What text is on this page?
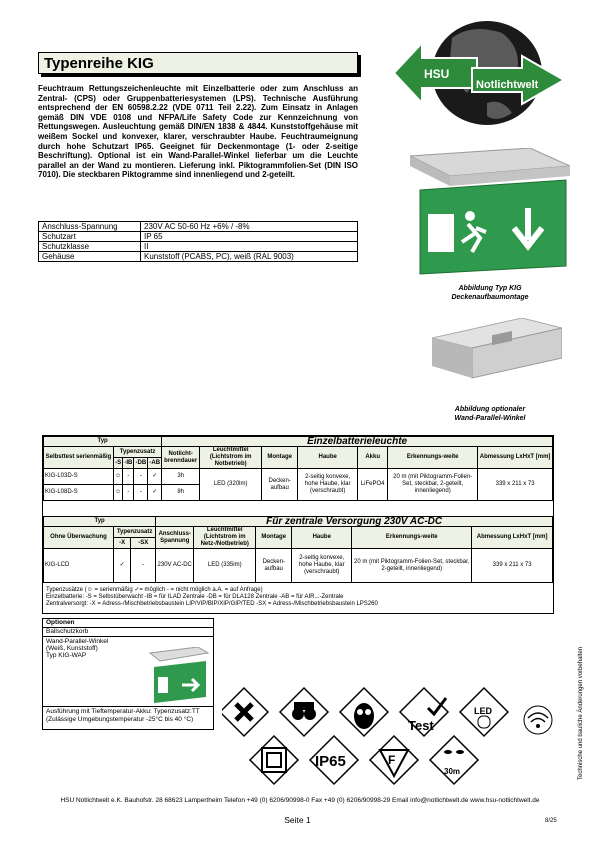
Typenreihe KIG
HSU
Notlichtwelt
Feuchtraum Rettungszeichenleuchte mit Einzelbatterie oder zum Anschluss an Zentral- (CPS) oder Gruppenbatteriesystemen (LPS). Technische Ausführung entsprechend der EN 60598.2.22 (VDE 0711 Teil 2.22). Zum Einsatz in Anlagen gemäß DIN VDE 0108 und NFPA/Life Safety Code zur Kennzeichnung von Rettungswegen. Ausleuchtung gemäß DIN/EN 1838 & 4844. Kunststoffgehäuse mit weißem Sockel und konvexer, klarer, verschraubter Haube. Feuchtraumeignung durch hohe Schutzart IP65. Geeignet für Deckenmontage (1- oder 2-seitige Beschriftung). Optional ist ein Wand-Parallel-Winkel lieferbar um die Leuchte parallel an der Wand zu montieren. Lieferung inkl. Piktogrammfolien-Set (DIN ISO 7010). Die steckbaren Piktogramme sind innenliegend und 2-geteilt.
Anschluss-Spannung	230V AC 50-60 Hz +6% / -8%
Schutzart	IP 65
Schutzklasse	II
Gehäuse	Kunststoff (PCABS, PC), weiß (RAL 9003)
Abbildung Typ KIG
Deckenaufbaumontage
Abbildung optionaler
Wand-Parallel-Winkel
Typ					Einzelbatterieleuchte						
Selbsttest serienmäßig	Typenzusatz				Notlicht-brenndauer	Leuchtmittel (Lichtstrom im Notbetrieb)	Montage	Haube	Akku	Erkennungs-weite	Abmessung LxHxT [mm]
	-S	-IB	-DB	-AB							
KIG-L03D-S	☺	-	-	✓	3h	LED (320lm)	Decken-aufbau	2-seitig konvexe, hohe Haube, klar (verschraubt)	LiFePO4	20 m (mit Piktogramm-Folien-Set, steckbar, 2-geteilt, innenliegend)	339 x 211 x 73
KIG-L08D-S	☺	-	-	✓	8h						
Typ			Für zentrale Versorgung 230V AC-DC					
Ohne Überwachung	Typenzusatz		Anschluss-Spannung	Leuchtmittel (Lichtstrom im Netz-/Notbetrieb)	Montage	Haube	Erkennungs-weite	Abmessung LxHxT [mm]
	-X	-SX						
KIG-LCD	✓	-	230V AC-DC	LED (335lm)	Decken-aufbau	2-seitig konvexe, hohe Haube, klar (verschraubt)	20 m (mit Piktogramm-Folien-Set, steckbar, 2-geteilt, innenliegend)	339 x 211 x 73
Typenzusätze (☺ = serienmäßig ✓= möglich - = nicht möglich a.A. = auf Anfrage)
Einzelbatterie: -S = Selbstüberwacht -IB = für ILAD Zentrale -DB = für DLA128 Zentrale -AB = für AIR...-Zentrale
Zentralversorgt: -X = Adress-/Mischbetriebsbaustein LIP/VIP/BIP/XIP/GIP/TED -SX = Adress-/Mischbetriebsbaustein LPS260
Optionen
Ballschutzkorb
Wand-Parallel-Winkel
(Weiß, Kunststoff)
Typ KIG-WAP
Ausführung mit Tieftemperatur-Akku: Typenzusatz:TT
(Zulässige Umgebungstemperatur -25°C bis 40 °C)	Test
LED
IP65	F
30m
HSU Notlichtwelt e.K. Bauhofstr. 28 68623 Lampertheim Telefon +49 (0) 6206/90998-0 Fax +49 (0) 6206/90998-29 Email info@notlichtwelt.de www.hsu-notlichtwelt.de
Seite 1	8/25
Technische und bauliche Änderungen vorbehalten
